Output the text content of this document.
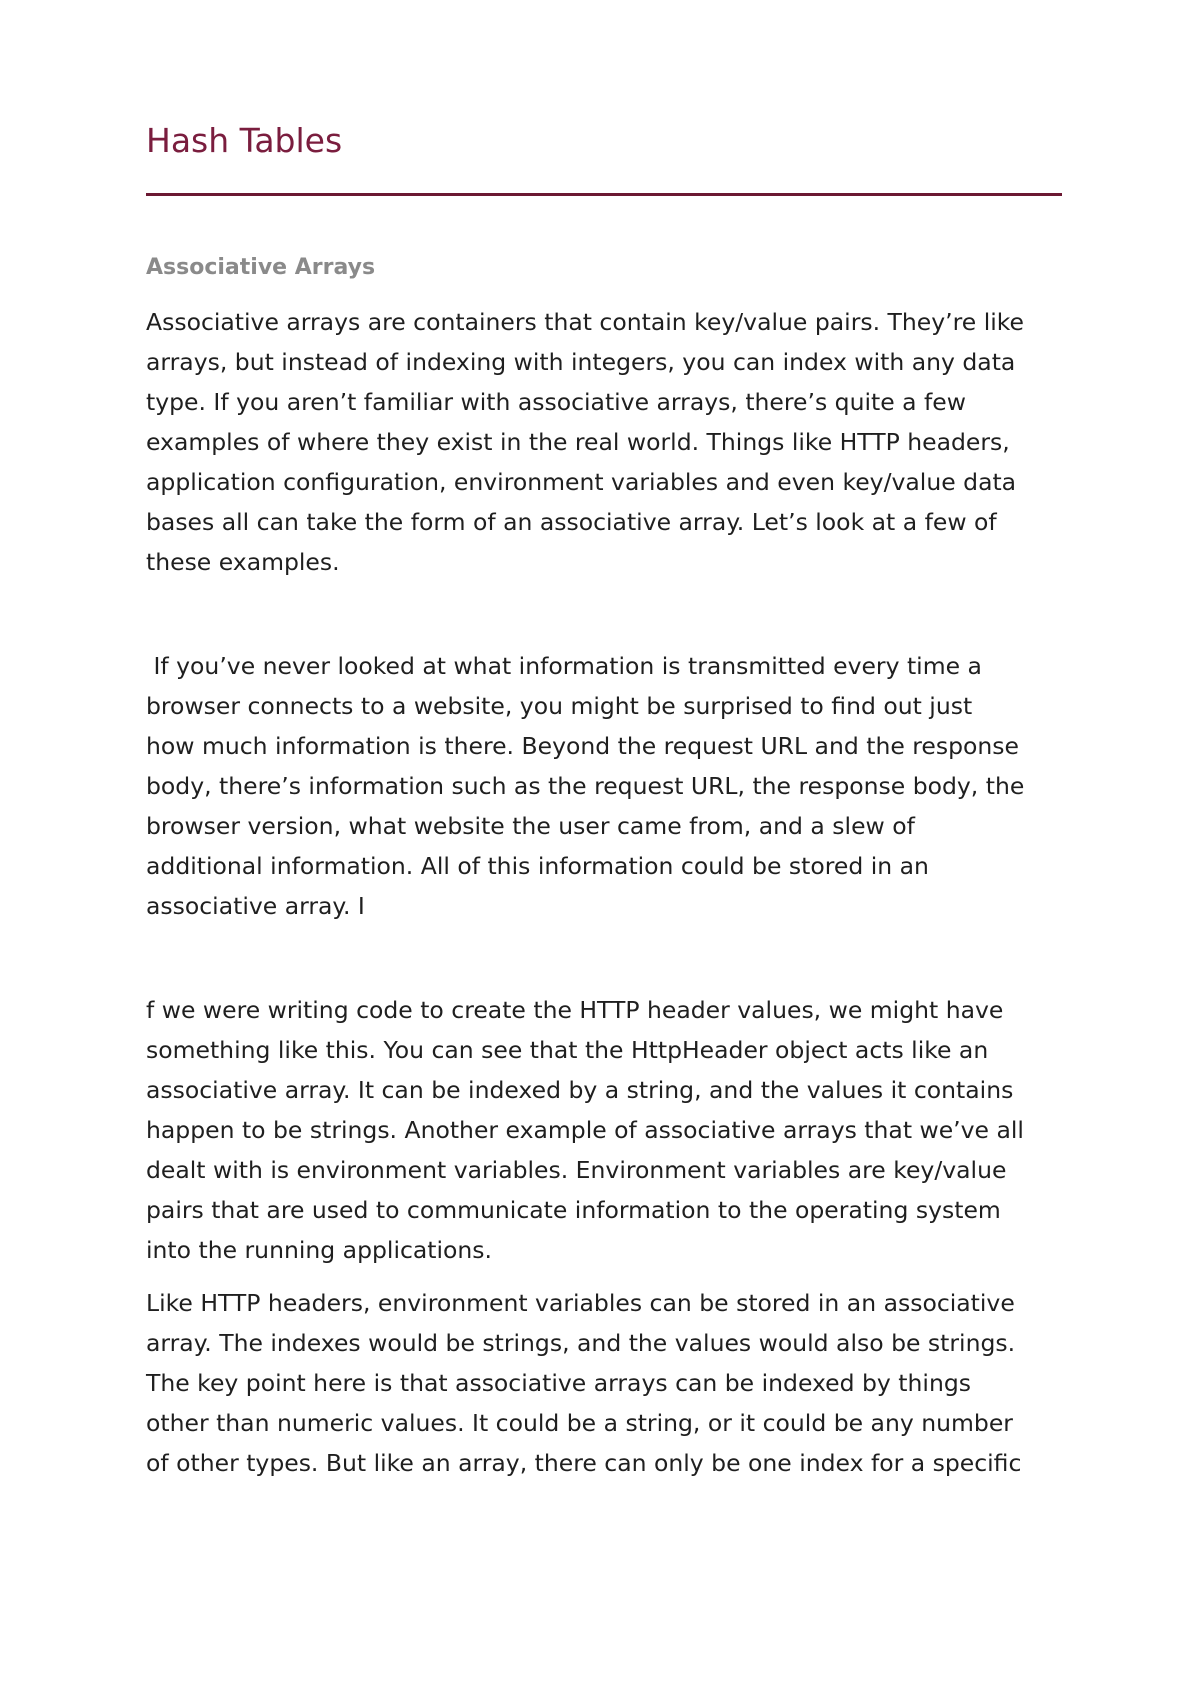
Hash Tables
Associative Arrays

Associative arrays are containers that contain key/value pairs. They’re like
arrays, but instead of indexing with integers, you can index with any data
type. If you aren’t familiar with associative arrays, there’s quite a few
examples of where they exist in the real world. Things like HTTP headers,
application configuration, environment variables and even key/value data
bases all can take the form of an associative array. Let’s look at a few of
these examples.

If you’ve never looked at what information is transmitted every time a
browser connects to a website, you might be surprised to find out just
how much information is there. Beyond the request URL and the response
body, there’s information such as the request URL, the response body, the
browser version, what website the user came from, and a slew of
additional information. All of this information could be stored in an
associative array. I

f we were writing code to create the HTTP header values, we might have
something like this. You can see that the HttpHeader object acts like an
associative array. It can be indexed by a string, and the values it contains
happen to be strings. Another example of associative arrays that we’ve all
dealt with is environment variables. Environment variables are key/value
pairs that are used to communicate information to the operating system
into the running applications.

Like HTTP headers, environment variables can be stored in an associative
array. The indexes would be strings, and the values would also be strings.
The key point here is that associative arrays can be indexed by things
other than numeric values. It could be a string, or it could be any number
of other types. But like an array, there can only be one index for a specific
